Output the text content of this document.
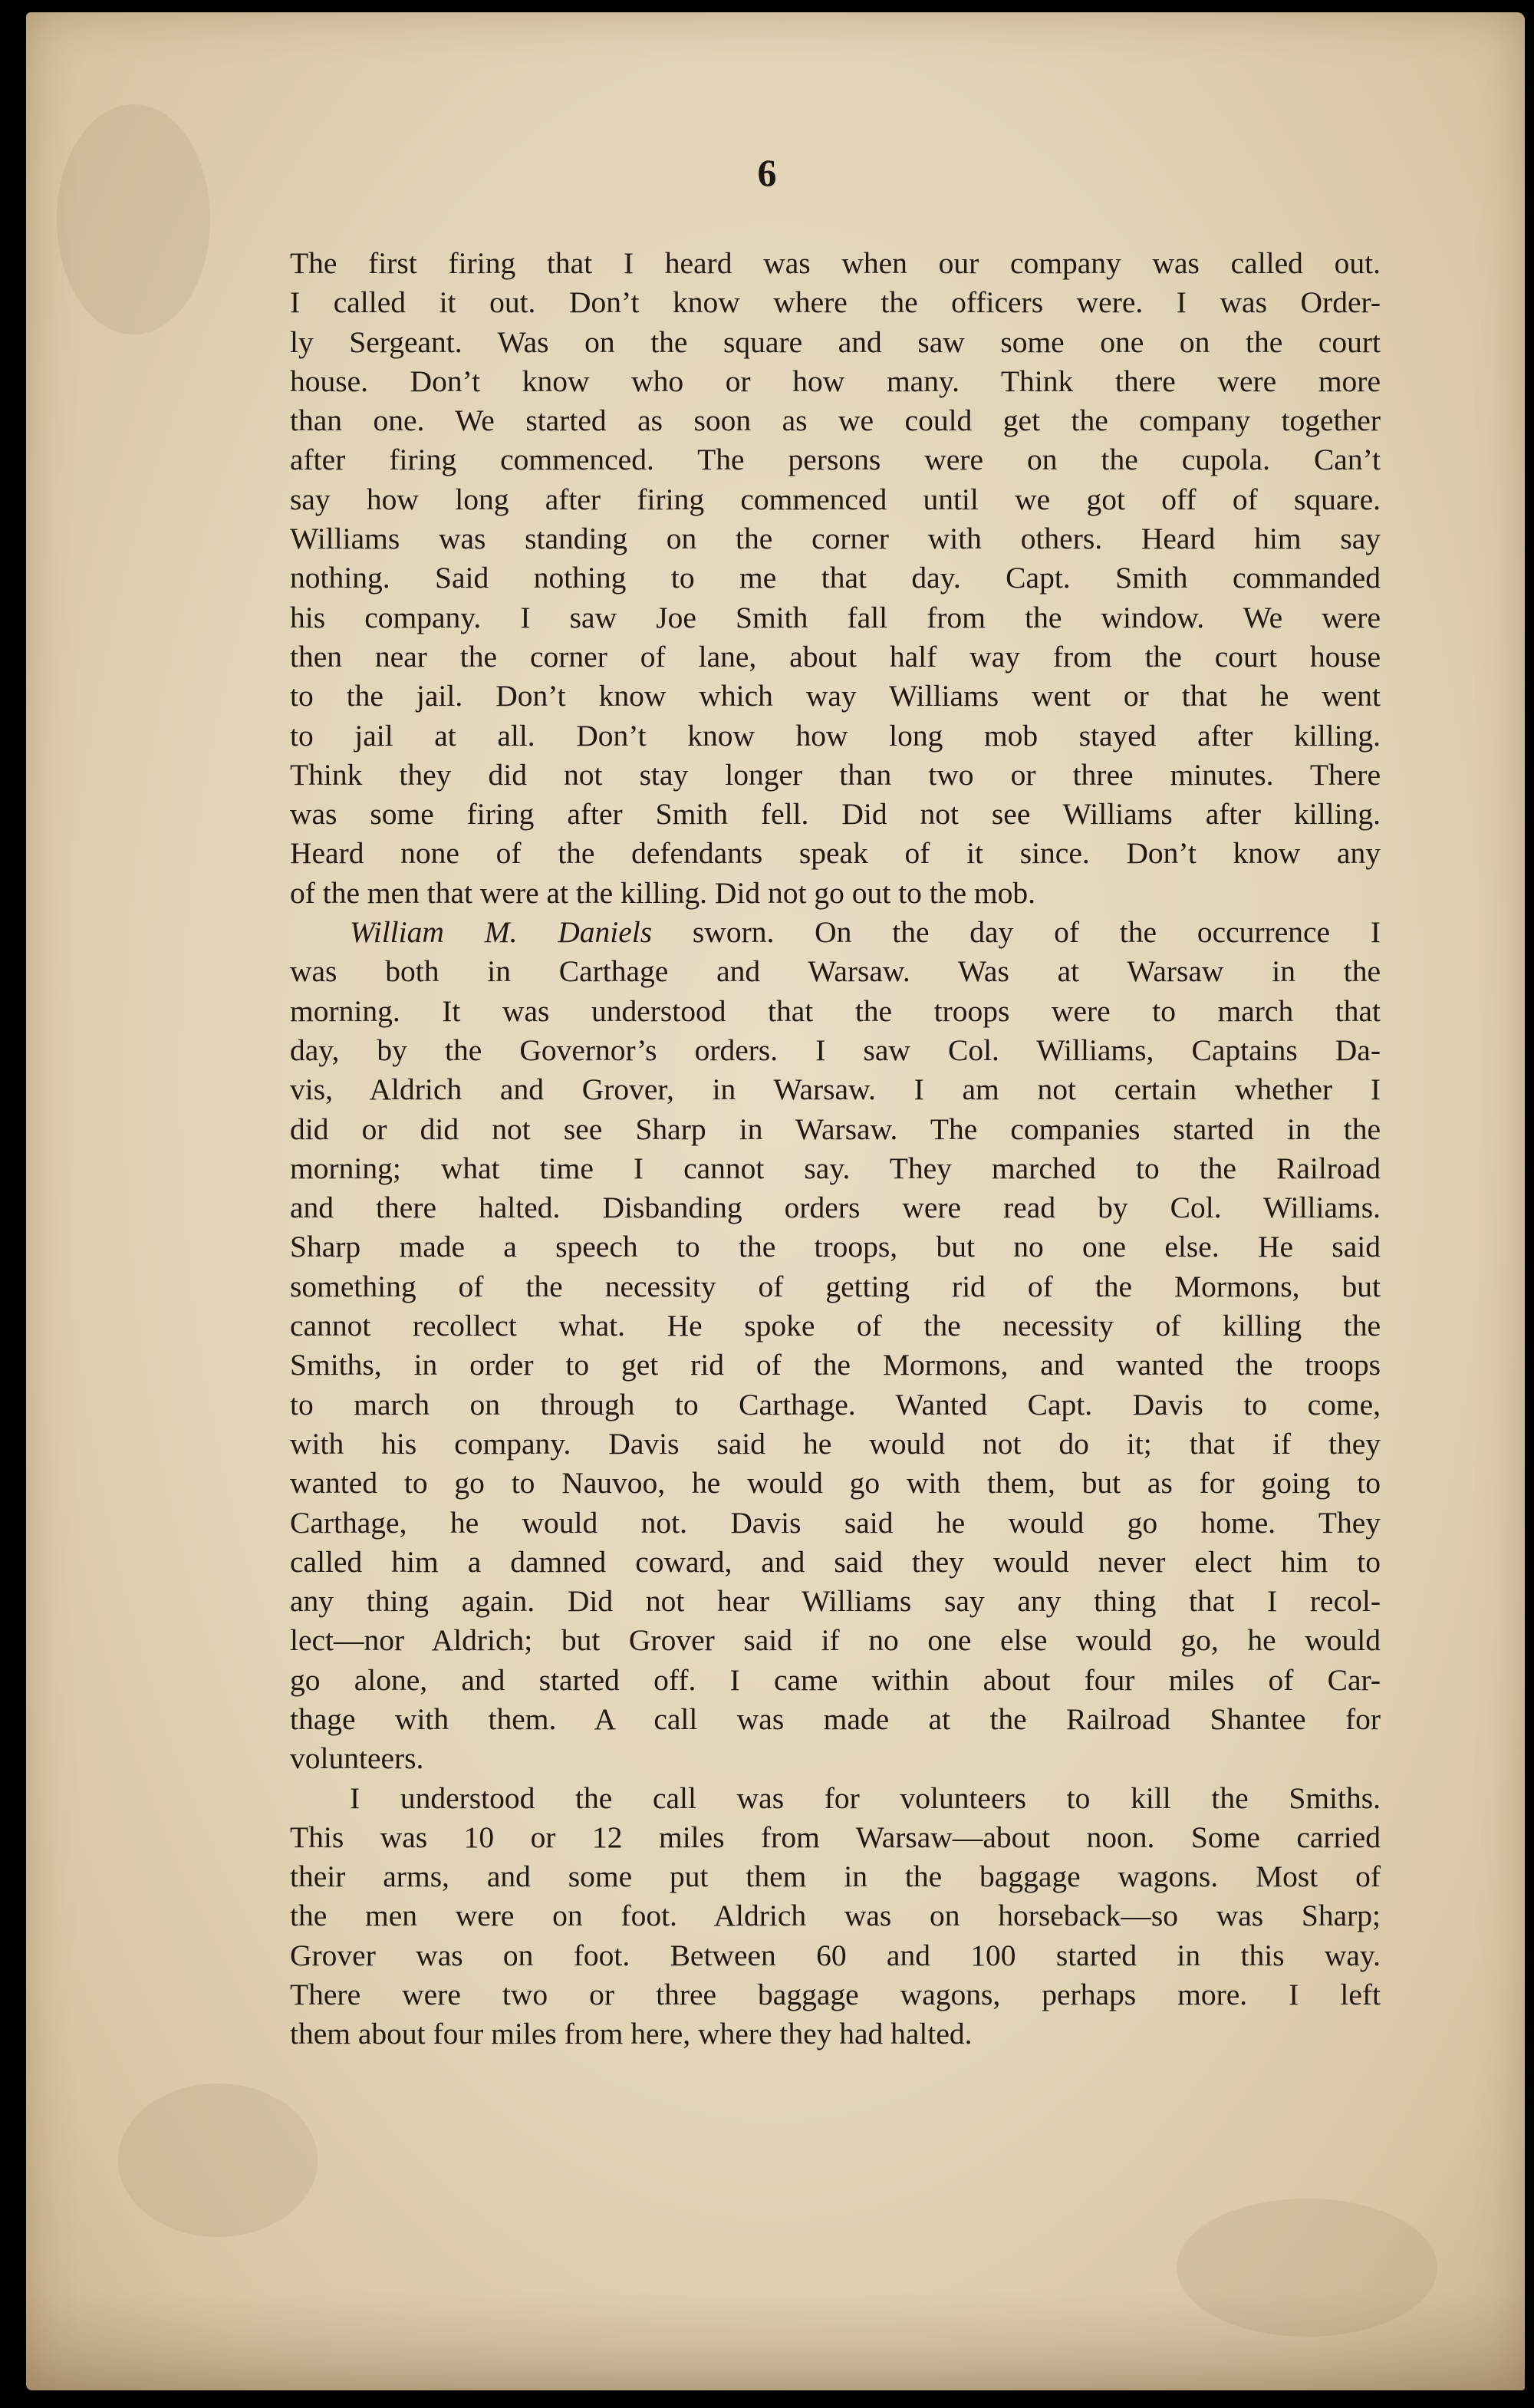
6
The first firing that I heard was when our company was called out.
I called it out. Don’t know where the officers were. I was Order-
ly Sergeant. Was on the square and saw some one on the court
house. Don’t know who or how many. Think there were more
than one. We started as soon as we could get the company together
after firing commenced. The persons were on the cupola. Can’t
say how long after firing commenced until we got off of square.
Williams was standing on the corner with others. Heard him say
nothing. Said nothing to me that day. Capt. Smith commanded
his company. I saw Joe Smith fall from the window. We were
then near the corner of lane, about half way from the court house
to the jail. Don’t know which way Williams went or that he went
to jail at all. Don’t know how long mob stayed after killing.
Think they did not stay longer than two or three minutes. There
was some firing after Smith fell. Did not see Williams after killing.
Heard none of the defendants speak of it since. Don’t know any
of the men that were at the killing. Did not go out to the mob.
William M. Daniels sworn. On the day of the occurrence I
was both in Carthage and Warsaw. Was at Warsaw in the
morning. It was understood that the troops were to march that
day, by the Governor’s orders. I saw Col. Williams, Captains Da-
vis, Aldrich and Grover, in Warsaw. I am not certain whether I
did or did not see Sharp in Warsaw. The companies started in the
morning; what time I cannot say. They marched to the Railroad
and there halted. Disbanding orders were read by Col. Williams.
Sharp made a speech to the troops, but no one else. He said
something of the necessity of getting rid of the Mormons, but
cannot recollect what. He spoke of the necessity of killing the
Smiths, in order to get rid of the Mormons, and wanted the troops
to march on through to Carthage. Wanted Capt. Davis to come,
with his company. Davis said he would not do it; that if they
wanted to go to Nauvoo, he would go with them, but as for going to
Carthage, he would not. Davis said he would go home. They
called him a damned coward, and said they would never elect him to
any thing again. Did not hear Williams say any thing that I recol-
lect—nor Aldrich; but Grover said if no one else would go, he would
go alone, and started off. I came within about four miles of Car-
thage with them. A call was made at the Railroad Shantee for
volunteers.
I understood the call was for volunteers to kill the Smiths.
This was 10 or 12 miles from Warsaw—about noon. Some carried
their arms, and some put them in the baggage wagons. Most of
the men were on foot. Aldrich was on horseback—so was Sharp;
Grover was on foot. Between 60 and 100 started in this way.
There were two or three baggage wagons, perhaps more. I left
them about four miles from here, where they had halted.
